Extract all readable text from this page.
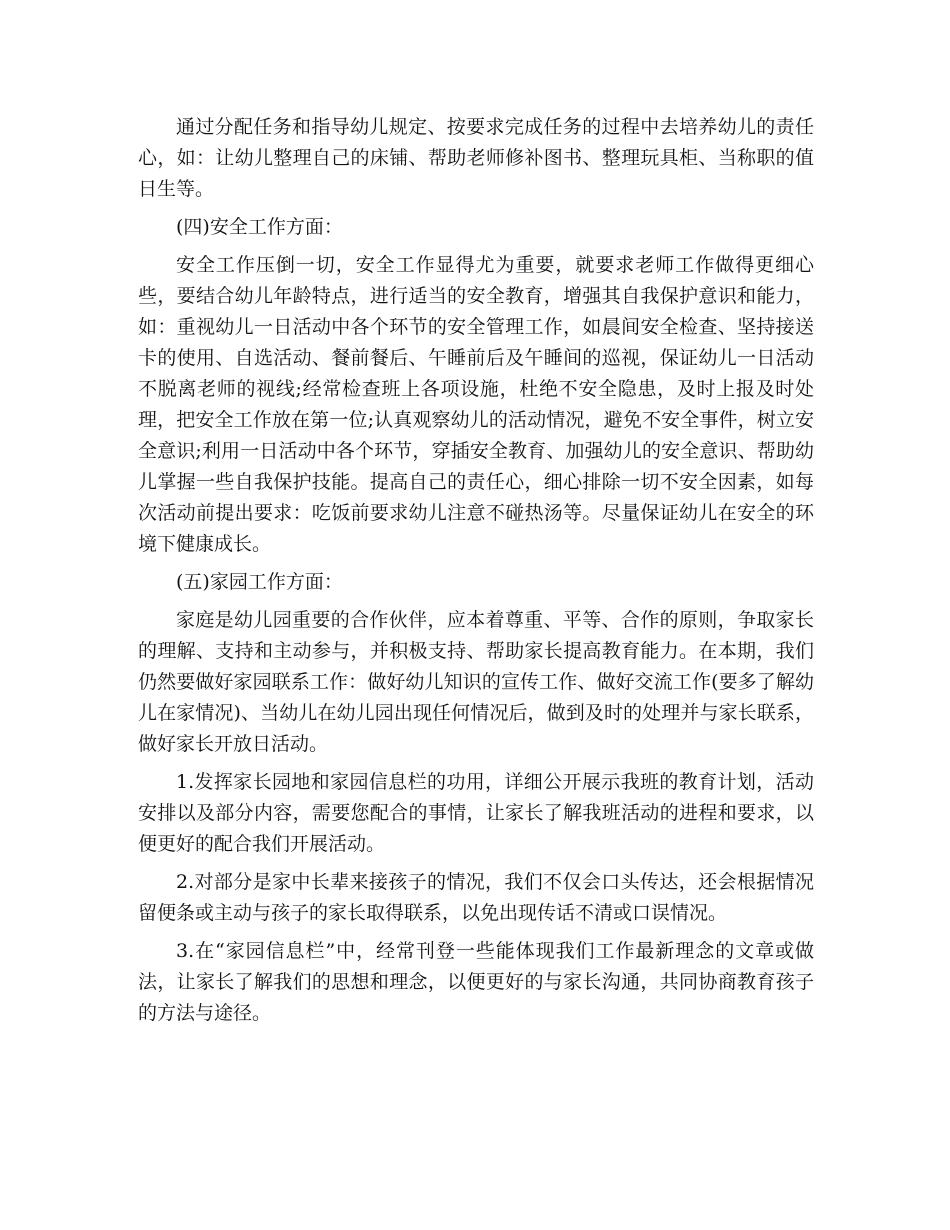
通过分配任务和指导幼儿规定、按要求完成任务的过程中去培养幼儿的责任心，如：让幼儿整理自己的床铺、帮助老师修补图书、整理玩具柜、当称职的值日生等。

(四)安全工作方面：

安全工作压倒一切，安全工作显得尤为重要，就要求老师工作做得更细心些，要结合幼儿年龄特点，进行适当的安全教育，增强其自我保护意识和能力，如：重视幼儿一日活动中各个环节的安全管理工作，如晨间安全检查、坚持接送卡的使用、自选活动、餐前餐后、午睡前后及午睡间的巡视，保证幼儿一日活动不脱离老师的视线;经常检查班上各项设施，杜绝不安全隐患，及时上报及时处理，把安全工作放在第一位;认真观察幼儿的活动情况，避免不安全事件，树立安全意识;利用一日活动中各个环节，穿插安全教育、加强幼儿的安全意识、帮助幼儿掌握一些自我保护技能。提高自己的责任心，细心排除一切不安全因素，如每次活动前提出要求：吃饭前要求幼儿注意不碰热汤等。尽量保证幼儿在安全的环境下健康成长。

(五)家园工作方面：

家庭是幼儿园重要的合作伙伴，应本着尊重、平等、合作的原则，争取家长的理解、支持和主动参与，并积极支持、帮助家长提高教育能力。在本期，我们仍然要做好家园联系工作：做好幼儿知识的宣传工作、做好交流工作(要多了解幼儿在家情况)、当幼儿在幼儿园出现任何情况后，做到及时的处理并与家长联系，做好家长开放日活动。

1.发挥家长园地和家园信息栏的功用，详细公开展示我班的教育计划，活动安排以及部分内容，需要您配合的事情，让家长了解我班活动的进程和要求，以便更好的配合我们开展活动。

2.对部分是家中长辈来接孩子的情况，我们不仅会口头传达，还会根据情况留便条或主动与孩子的家长取得联系，以免出现传话不清或口误情况。

3.在“家园信息栏”中，经常刊登一些能体现我们工作最新理念的文章或做法，让家长了解我们的思想和理念，以便更好的与家长沟通，共同协商教育孩子的方法与途径。
